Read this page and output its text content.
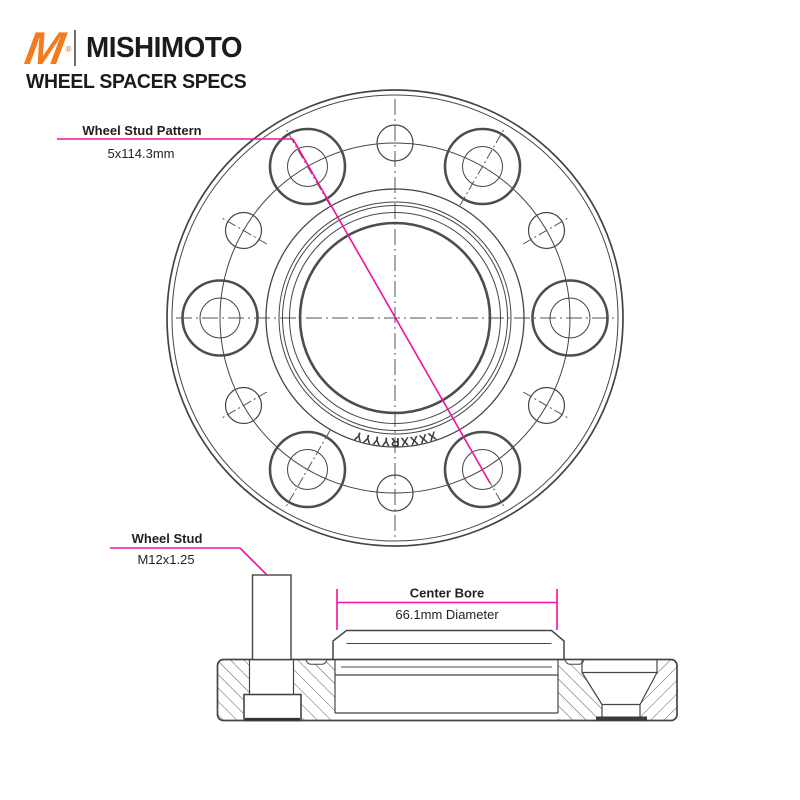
M ® MISHIMOTO
WHEEL SPACER SPECS
XXXXRYYYY
Wheel Stud Pattern
5x114.3mm
Wheel Stud
M12x1.25
Center Bore
66.1mm Diameter
